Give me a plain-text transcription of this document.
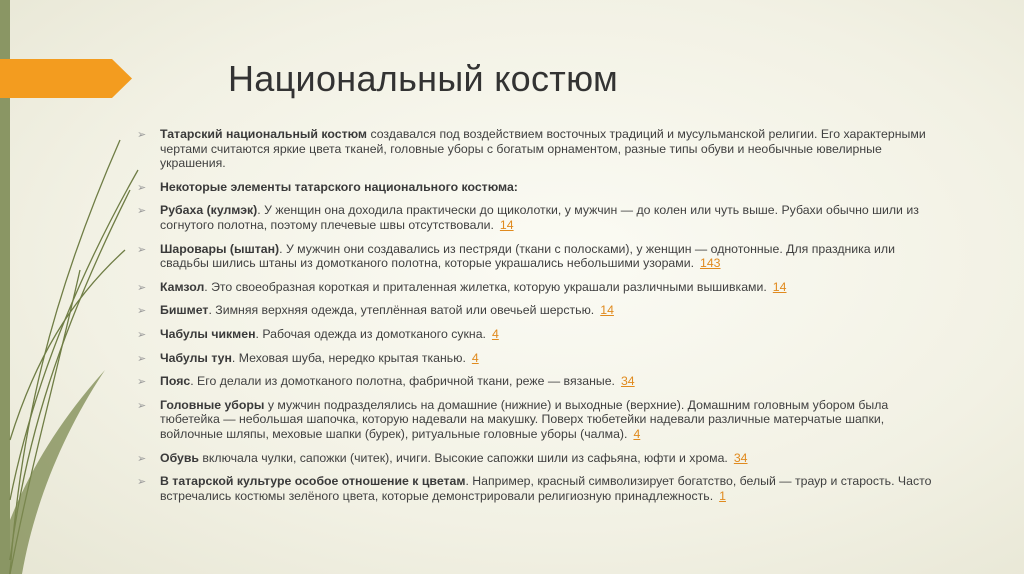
Национальный костюм
➢ Татарский национальный костюм создавался под воздействием восточных традиций и мусульманской религии. Его характерными чертами считаются яркие цвета тканей, головные уборы с богатым орнаментом, разные типы обуви и необычные ювелирные украшения.
➢ Некоторые элементы татарского национального костюма:
➢ Рубаха (кулмэк). У женщин она доходила практически до щиколотки, у мужчин — до колен или чуть выше. Рубахи обычно шили из согнутого полотна, поэтому плечевые швы отсутствовали. 14
➢ Шаровары (ыштан). У мужчин они создавались из пестряди (ткани с полосками), у женщин — однотонные. Для праздника или свадьбы шились штаны из домотканого полотна, которые украшались небольшими узорами. 143
➢ Камзол. Это своеобразная короткая и приталенная жилетка, которую украшали различными вышивками. 14
➢ Бишмет. Зимняя верхняя одежда, утеплённая ватой или овечьей шерстью. 14
➢ Чабулы чикмен. Рабочая одежда из домотканого сукна. 4
➢ Чабулы тун. Меховая шуба, нередко крытая тканью. 4
➢ Пояс. Его делали из домотканого полотна, фабричной ткани, реже — вязаные. 34
➢ Головные уборы у мужчин подразделялись на домашние (нижние) и выходные (верхние). Домашним головным убором была тюбетейка — небольшая шапочка, которую надевали на макушку. Поверх тюбетейки надевали различные матерчатые шапки, войлочные шляпы, меховые шапки (бурек), ритуальные головные уборы (чалма). 4
➢ Обувь включала чулки, сапожки (читек), ичиги. Высокие сапожки шили из сафьяна, юфти и хрома. 34
➢ В татарской культуре особое отношение к цветам. Например, красный символизирует богатство, белый — траур и старость. Часто встречались костюмы зелёного цвета, которые демонстрировали религиозную принадлежность. 1
